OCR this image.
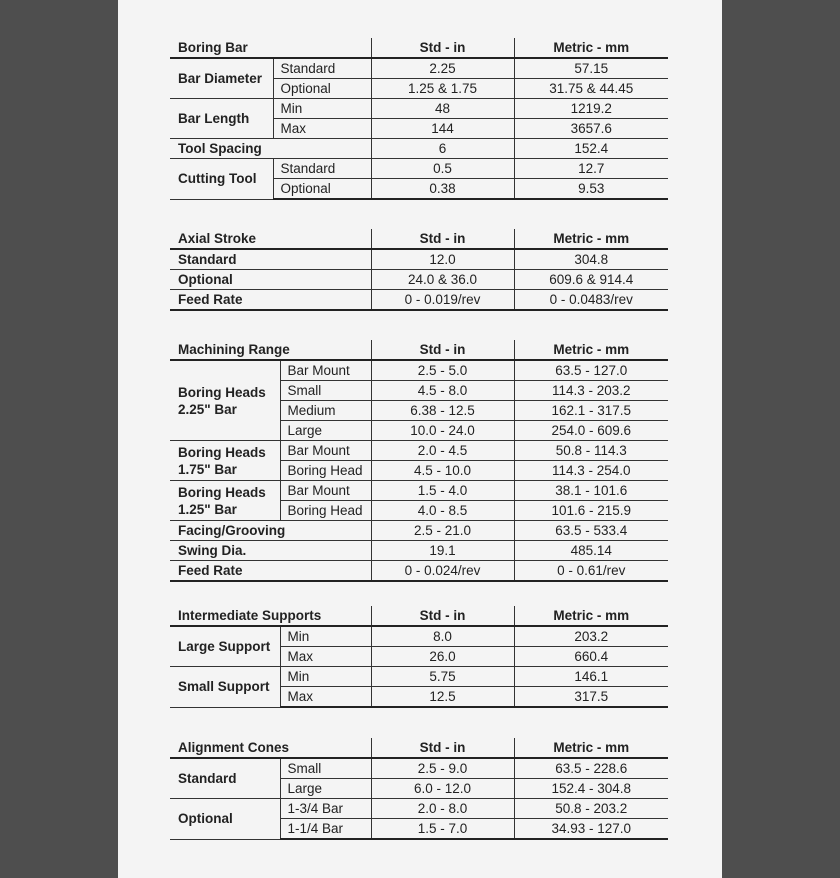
Boring Bar		Std - in	Metric - mm
Bar Diameter	Standard	2.25	57.15
	Optional	1.25 & 1.75	31.75 & 44.45
Bar Length	Min	48	1219.2
	Max	144	3657.6
Tool Spacing		6	152.4
Cutting Tool	Standard	0.5	12.7
	Optional	0.38	9.53
Axial Stroke	Std - in	Metric - mm
Standard	12.0	304.8
Optional	24.0 & 36.0	609.6 & 914.4
Feed Rate	0 - 0.019/rev	0 - 0.0483/rev
Machining Range		Std - in	Metric - mm
Boring Heads
2.25" Bar	Bar Mount	2.5 - 5.0	63.5 - 127.0
	Small	4.5 - 8.0	114.3 - 203.2
	Medium	6.38 - 12.5	162.1 - 317.5
	Large	10.0 - 24.0	254.0 - 609.6
Boring Heads
1.75" Bar	Bar Mount	2.0 - 4.5	50.8 - 114.3
	Boring Head	4.5 - 10.0	114.3 - 254.0
Boring Heads
1.25" Bar	Bar Mount	1.5 - 4.0	38.1 - 101.6
	Boring Head	4.0 - 8.5	101.6 - 215.9
Facing/Grooving		2.5 - 21.0	63.5 - 533.4
Swing Dia.		19.1	485.14
Feed Rate		0 - 0.024/rev	0 - 0.61/rev
Intermediate Supports		Std - in	Metric - mm
Large Support	Min	8.0	203.2
	Max	26.0	660.4
Small Support	Min	5.75	146.1
	Max	12.5	317.5
Alignment Cones		Std - in	Metric - mm
Standard	Small	2.5 - 9.0	63.5 - 228.6
	Large	6.0 - 12.0	152.4 - 304.8
Optional	1-3/4 Bar	2.0 - 8.0	50.8 - 203.2
	1-1/4 Bar	1.5 - 7.0	34.93 - 127.0
